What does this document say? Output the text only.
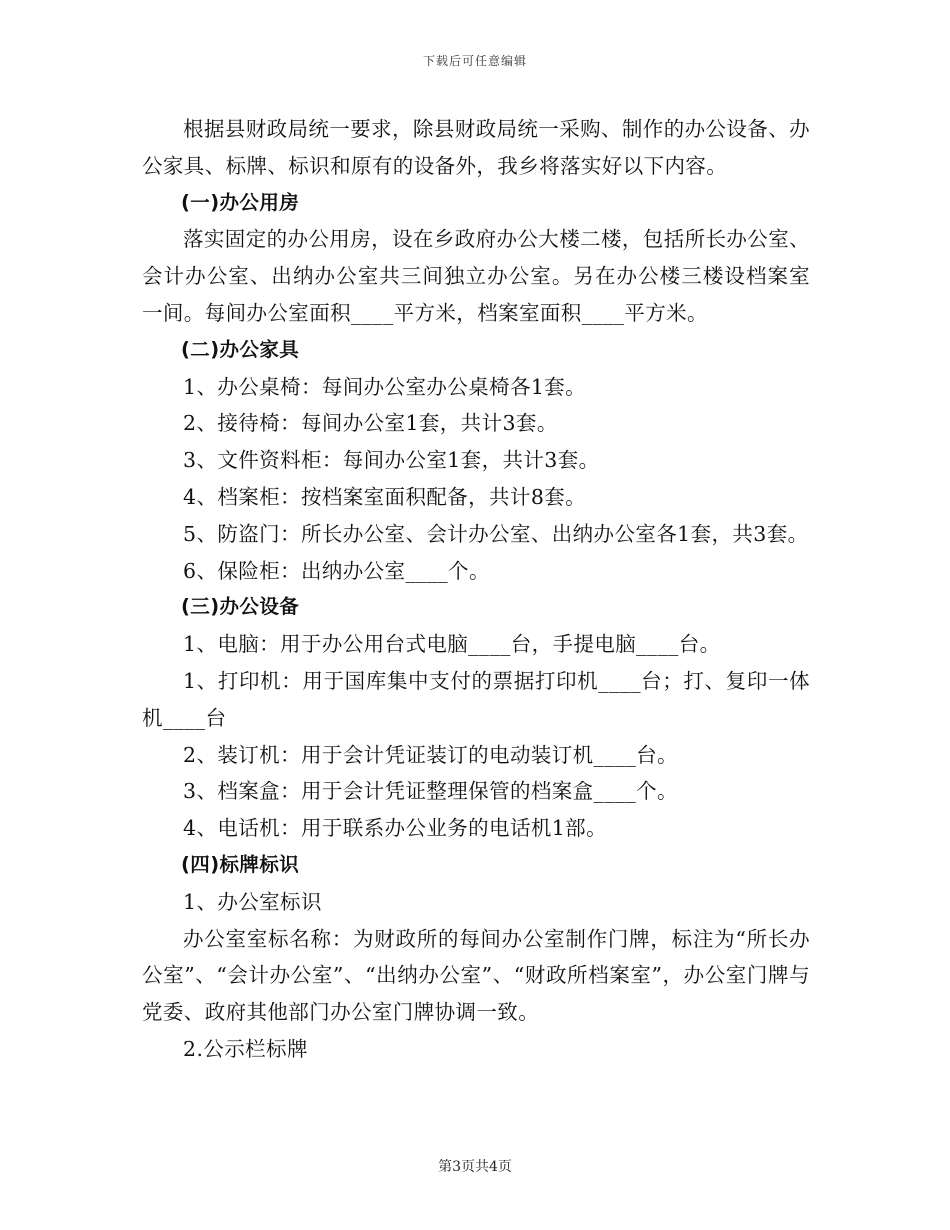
下载后可任意编辑

根据县财政局统一要求，除县财政局统一采购、制作的办公设备、办公家具、标牌、标识和原有的设备外，我乡将落实好以下内容。

(一)办公用房

落实固定的办公用房，设在乡政府办公大楼二楼，包括所长办公室、会计办公室、出纳办公室共三间独立办公室。另在办公楼三楼设档案室一间。每间办公室面积____平方米，档案室面积____平方米。

(二)办公家具

1、办公桌椅：每间办公室办公桌椅各1套。

2、接待椅：每间办公室1套，共计3套。

3、文件资料柜：每间办公室1套，共计3套。

4、档案柜：按档案室面积配备，共计8套。

5、防盗门：所长办公室、会计办公室、出纳办公室各1套，共3套。

6、保险柜：出纳办公室____个。

(三)办公设备

1、电脑：用于办公用台式电脑____台，手提电脑____台。

1、打印机：用于国库集中支付的票据打印机____台；打、复印一体机____台

2、装订机：用于会计凭证装订的电动装订机____台。

3、档案盒：用于会计凭证整理保管的档案盒____个。

4、电话机：用于联系办公业务的电话机1部。

(四)标牌标识

1、办公室标识

办公室室标名称：为财政所的每间办公室制作门牌，标注为“所长办公室”、“会计办公室”、“出纳办公室”、“财政所档案室”，办公室门牌与党委、政府其他部门办公室门牌协调一致。

2.公示栏标牌

第3页共4页
